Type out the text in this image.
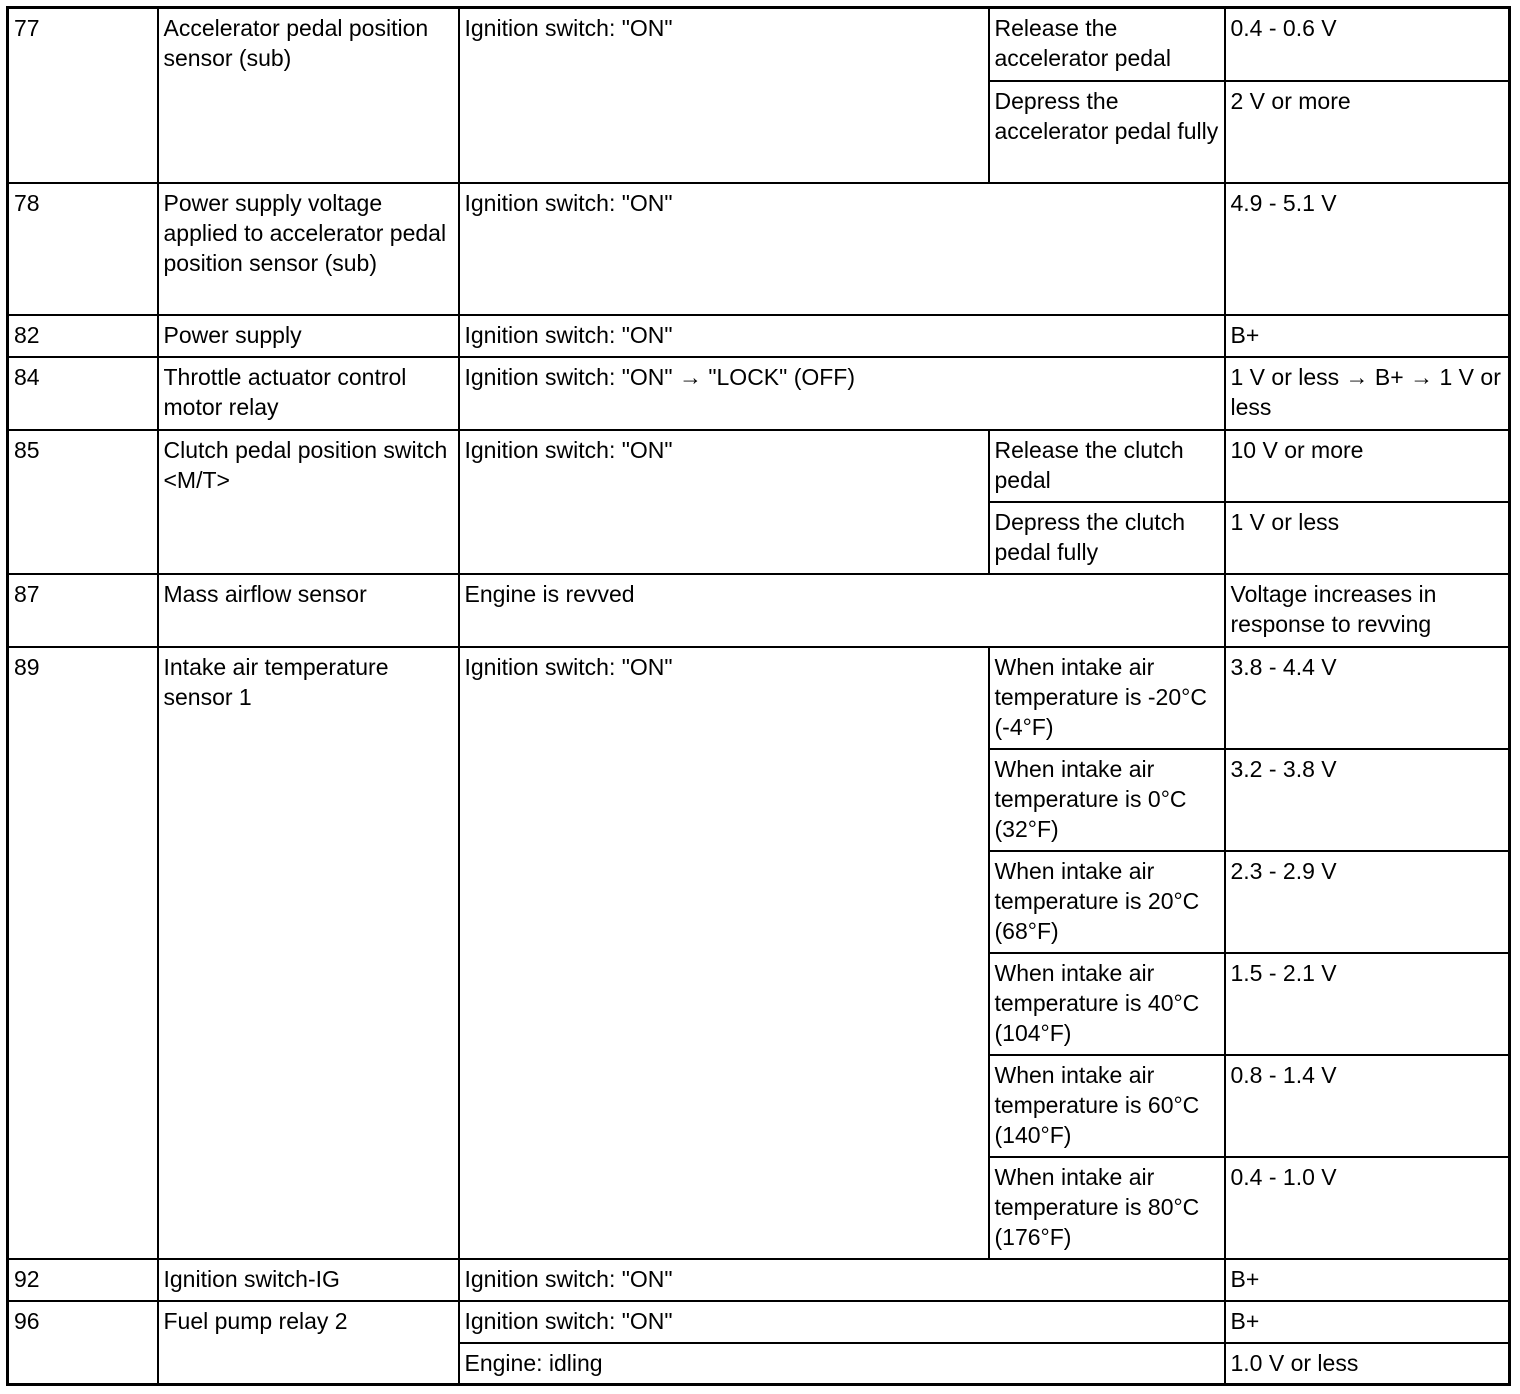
77	Accelerator pedal position sensor (sub)	Ignition switch: "ON"	Release the accelerator pedal	0.4 - 0.6 V
			Depress the accelerator pedal fully	2 V or more
78	Power supply voltage applied to accelerator pedal position sensor (sub)	Ignition switch: "ON"		4.9 - 5.1 V
82	Power supply	Ignition switch: "ON"		B+
84	Throttle actuator control motor relay	Ignition switch: "ON" → "LOCK" (OFF)		1 V or less → B+ → 1 V or less
85	Clutch pedal position switch <M/T>	Ignition switch: "ON"	Release the clutch pedal	10 V or more
			Depress the clutch pedal fully	1 V or less
87	Mass airflow sensor	Engine is revved		Voltage increases in response to revving
89	Intake air temperature sensor 1	Ignition switch: "ON"	When intake air temperature is -20°C (-4°F)	3.8 - 4.4 V
			When intake air temperature is 0°C (32°F)	3.2 - 3.8 V
			When intake air temperature is 20°C (68°F)	2.3 - 2.9 V
			When intake air temperature is 40°C (104°F)	1.5 - 2.1 V
			When intake air temperature is 60°C (140°F)	0.8 - 1.4 V
			When intake air temperature is 80°C (176°F)	0.4 - 1.0 V
92	Ignition switch-IG	Ignition switch: "ON"		B+
96	Fuel pump relay 2	Ignition switch: "ON"		B+
		Engine: idling		1.0 V or less
